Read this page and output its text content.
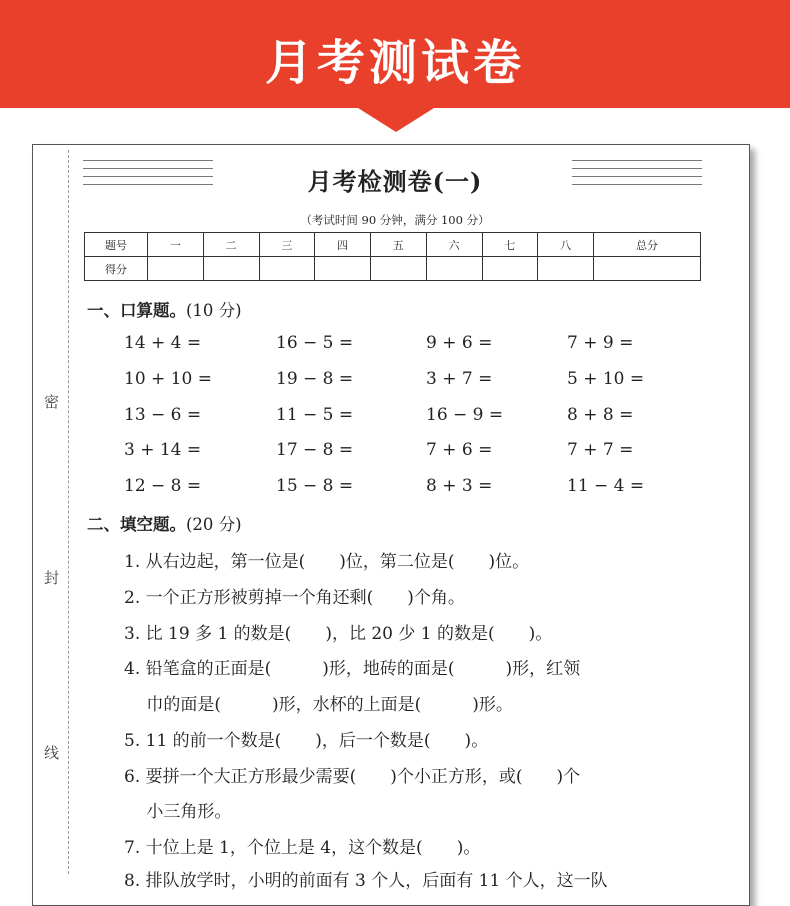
月考测试卷
密
封
线
月考检测卷(一)
（考试时间 90 分钟，满分 100 分）
题号	一	二	三	四	五	六	七	八	总分
得分									
一、口算题。(10 分)
14 + 4 =	16 − 5 =	9 + 6 =	7 + 9 =
10 + 10 =	19 − 8 =	3 + 7 =	5 + 10 =
13 − 6 =	11 − 5 =	16 − 9 =	8 + 8 =
3 + 14 =	17 − 8 =	7 + 6 =	7 + 7 =
12 − 8 =	15 − 8 =	8 + 3 =	11 − 4 =
二、填空题。(20 分)
1. 从右边起，第一位是(　　)位，第二位是(　　)位。
2. 一个正方形被剪掉一个角还剩(　　)个角。
3. 比 19 多 1 的数是(　　)，比 20 少 1 的数是(　　)。
4. 铅笔盒的正面是(　　　)形，地砖的面是(　　　)形，红领
　 巾的面是(　　　)形，水杯的上面是(　　　)形。
5. 11 的前一个数是(　　)，后一个数是(　　)。
6. 要拼一个大正方形最少需要(　　)个小正方形，或(　　)个
　 小三角形。
7. 十位上是 1，个位上是 4，这个数是(　　)。
8. 排队放学时，小明的前面有 3 个人，后面有 11 个人，这一队
